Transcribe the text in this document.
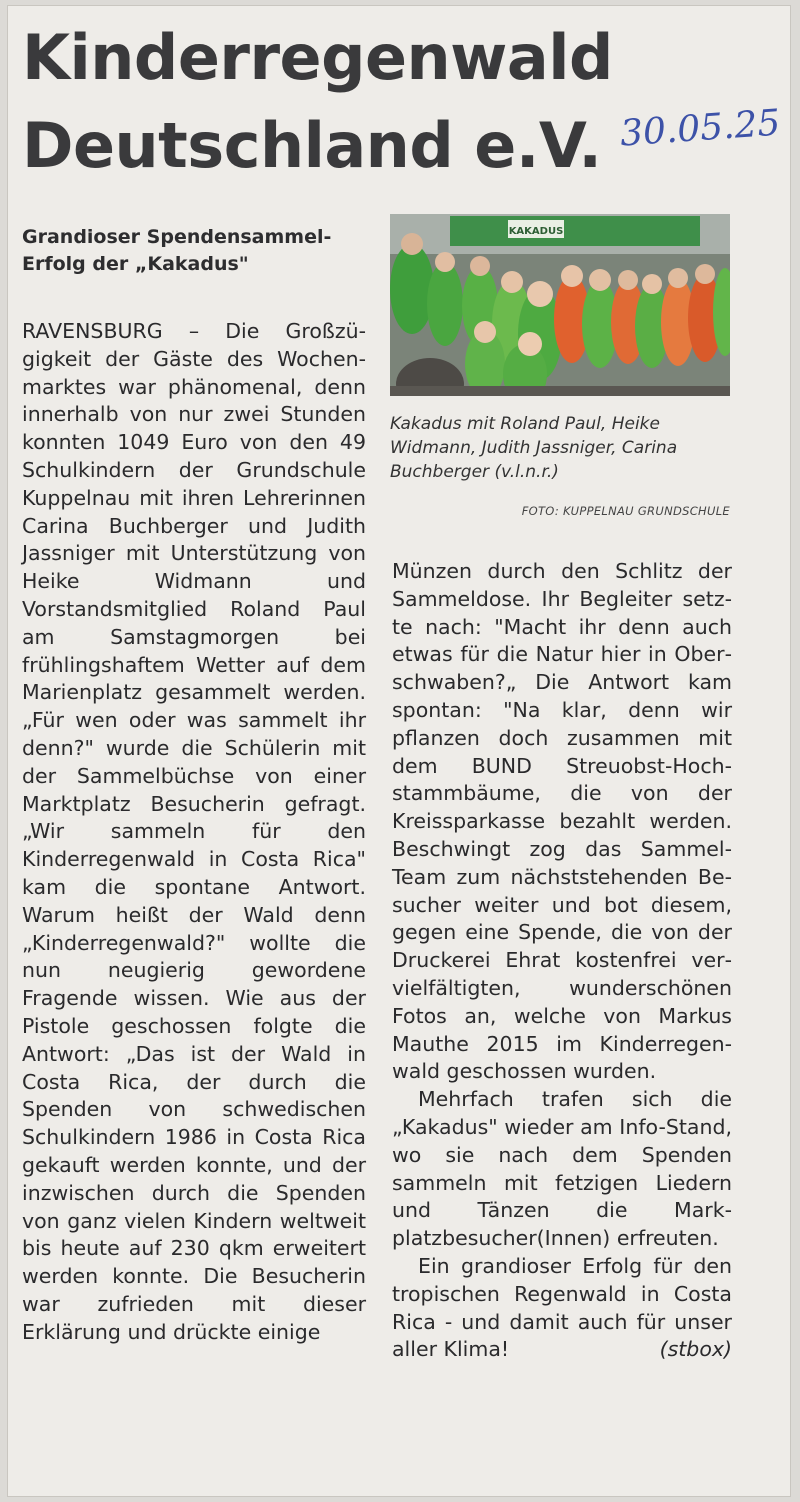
Kinderregenwald
Deutschland e.V. 30.05.25
Grandioser Spendensammel-
Erfolg der „Kakadus"
KAKADUS
Kakadus mit Roland Paul, Heike Widmann, Judith Jassniger, Carina Buchberger (v.l.n.r.)
FOTO: KUPPELNAU GRUNDSCHULE

RAVENSBURG – Die Großzügigkeit der Gäste des Wochenmarktes war phänomenal, denn innerhalb von nur zwei Stunden konnten 1049 Euro von den 49 Schulkindern der Grundschule Kuppelnau mit ihren Lehrerinnen Carina Buchberger und Judith Jassniger mit Unterstützung von Heike Widmann und Vorstandsmitglied Roland Paul am Samstagmorgen bei frühlingshaftem Wetter auf dem Marienplatz gesammelt werden. „Für wen oder was sammelt ihr denn?" wurde die Schülerin mit der Sammelbüchse von einer Marktplatz Besucherin gefragt. „Wir sammeln für den Kinderregenwald in Costa Rica" kam die spontane Antwort. Warum heißt der Wald denn „Kinderregenwald?" wollte die nun neugierig gewordene Fragende wissen. Wie aus der Pistole geschossen folgte die Antwort: „Das ist der Wald in Costa Rica, der durch die Spenden von schwedischen Schulkindern 1986 in Costa Rica gekauft werden konnte, und der inzwischen durch die Spenden von ganz vielen Kindern weltweit bis heute auf 230 qkm erweitert werden konnte. Die Besucherin war zufrieden mit dieser Erklärung und drückte einige

Münzen durch den Schlitz der Sammeldose. Ihr Begleiter setzte nach: "Macht ihr denn auch etwas für die Natur hier in Oberschwaben?„ Die Antwort kam spontan: "Na klar, denn wir pflanzen doch zusammen mit dem BUND Streuobst-Hochstammbäume, die von der Kreissparkasse bezahlt werden. Beschwingt zog das Sammel-Team zum nächststehenden Besucher weiter und bot diesem, gegen eine Spende, die von der Druckerei Ehrat kostenfrei vervielfältigten, wunderschönen Fotos an, welche von Markus Mauthe 2015 im Kinderregenwald geschossen wurden.

Mehrfach trafen sich die „Kakadus" wieder am Info-Stand, wo sie nach dem Spenden sammeln mit fetzigen Liedern und Tänzen die Markplatzbesucher(Innen) erfreuten.

Ein grandioser Erfolg für den tropischen Regenwald in Costa Rica - und damit auch für unser aller Klima!	(stbox)
